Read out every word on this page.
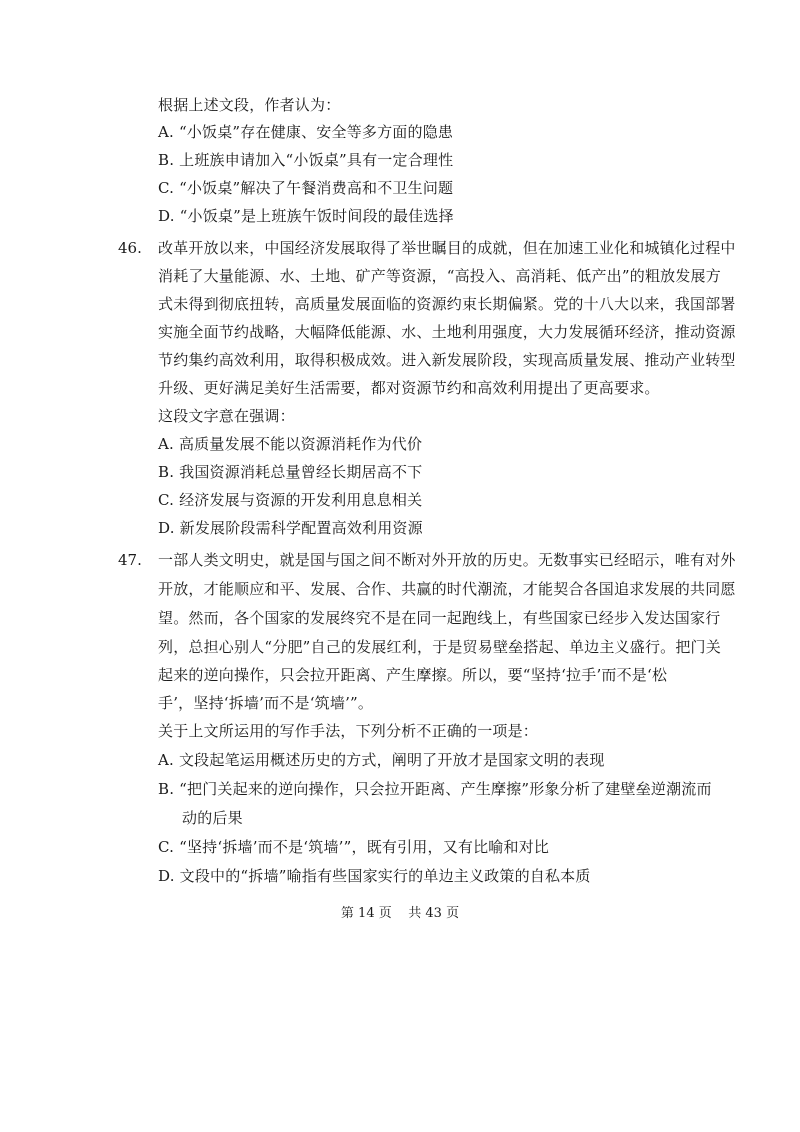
根据上述文段，作者认为：
A. “小饭桌”存在健康、安全等多方面的隐患
B. 上班族申请加入“小饭桌”具有一定合理性
C. “小饭桌”解决了午餐消费高和不卫生问题
D. “小饭桌”是上班族午饭时间段的最佳选择
46. 改革开放以来，中国经济发展取得了举世瞩目的成就，但在加速工业化和城镇化过程中
消耗了大量能源、水、土地、矿产等资源，“高投入、高消耗、低产出”的粗放发展方
式未得到彻底扭转，高质量发展面临的资源约束长期偏紧。党的十八大以来，我国部署
实施全面节约战略，大幅降低能源、水、土地利用强度，大力发展循环经济，推动资源
节约集约高效利用，取得积极成效。进入新发展阶段，实现高质量发展、推动产业转型
升级、更好满足美好生活需要，都对资源节约和高效利用提出了更高要求。
这段文字意在强调：
A. 高质量发展不能以资源消耗作为代价
B. 我国资源消耗总量曾经长期居高不下
C. 经济发展与资源的开发利用息息相关
D. 新发展阶段需科学配置高效利用资源
47. 一部人类文明史，就是国与国之间不断对外开放的历史。无数事实已经昭示，唯有对外
开放，才能顺应和平、发展、合作、共赢的时代潮流，才能契合各国追求发展的共同愿
望。然而，各个国家的发展终究不是在同一起跑线上，有些国家已经步入发达国家行
列，总担心别人“分肥”自己的发展红利，于是贸易壁垒搭起、单边主义盛行。把门关
起来的逆向操作，只会拉开距离、产生摩擦。所以，要“坚持‘拉手’而不是‘松
手’，坚持‘拆墙’而不是‘筑墙’”。
关于上文所运用的写作手法，下列分析不正确的一项是：
A. 文段起笔运用概述历史的方式，阐明了开放才是国家文明的表现
B. “把门关起来的逆向操作，只会拉开距离、产生摩擦”形象分析了建壁垒逆潮流而
动的后果
C. “坚持‘拆墙’而不是‘筑墙’”，既有引用，又有比喻和对比
D. 文段中的“拆墙”喻指有些国家实行的单边主义政策的自私本质
第 14 页    共 43 页
